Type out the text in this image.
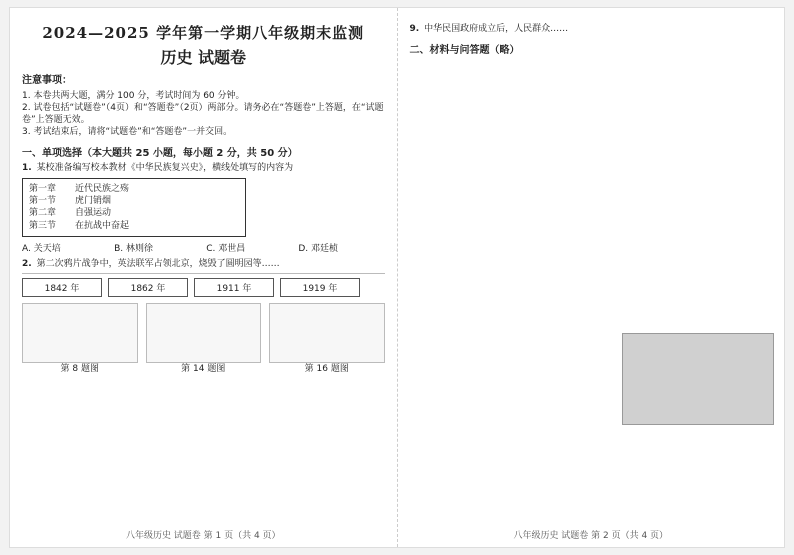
2024—2025 学年第一学期八年级期末监测
历史 试题卷
注意事项：
1. 本卷共两大题，满分 100 分，考试时间为 60 分钟。
2. 试卷包括“试题卷”（4页）和“答题卷”（2页）两部分。请务必在“答题卷”上答题，在“试题卷”上答题无效。
3. 考试结束后，请将“试题卷”和“答题卷”一并交回。
一、单项选择（本大题共 25 小题，每小题 2 分，共 50 分）
1. 某校准备编写校本教材《中华民族复兴史》，横线处填写的内容为
第一章	近代民族之殇
第一节	虎门销烟
第二章	自强运动
第三节	在抗战中奋起
A. 关天培	B. 林则徐	C. 邓世昌	D. 邓廷桢
2. 第二次鸦片战争中，英法联军占领北京，烧毁了圆明园等……
1842 年	1862 年	1911 年	1919 年
第 8 题图	第 14 题图	第 16 题图
八年级历史 试题卷 第 1 页（共 4 页）
9. 中华民国政府成立后，人民群众……
二、材料与问答题（略）
八年级历史 试题卷 第 2 页（共 4 页）
